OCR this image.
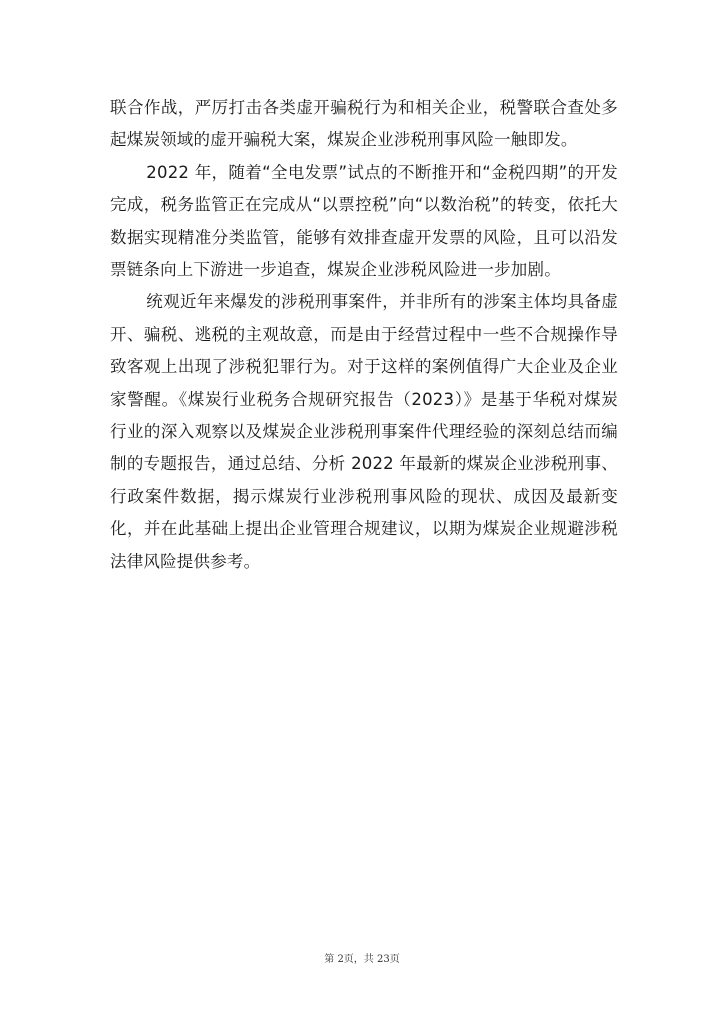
联合作战，严厉打击各类虚开骗税行为和相关企业，税警联合查处多起煤炭领域的虚开骗税大案，煤炭企业涉税刑事风险一触即发。

2022 年，随着“全电发票”试点的不断推开和“金税四期”的开发完成，税务监管正在完成从“以票控税”向“以数治税”的转变，依托大数据实现精准分类监管，能够有效排查虚开发票的风险，且可以沿发票链条向上下游进一步追查，煤炭企业涉税风险进一步加剧。

统观近年来爆发的涉税刑事案件，并非所有的涉案主体均具备虚开、骗税、逃税的主观故意，而是由于经营过程中一些不合规操作导致客观上出现了涉税犯罪行为。对于这样的案例值得广大企业及企业家警醒。《煤炭行业税务合规研究报告（2023）》是基于华税对煤炭行业的深入观察以及煤炭企业涉税刑事案件代理经验的深刻总结而编制的专题报告，通过总结、分析 2022 年最新的煤炭企业涉税刑事、行政案件数据，揭示煤炭行业涉税刑事风险的现状、成因及最新变化，并在此基础上提出企业管理合规建议，以期为煤炭企业规避涉税法律风险提供参考。

第 2页，共 23页
